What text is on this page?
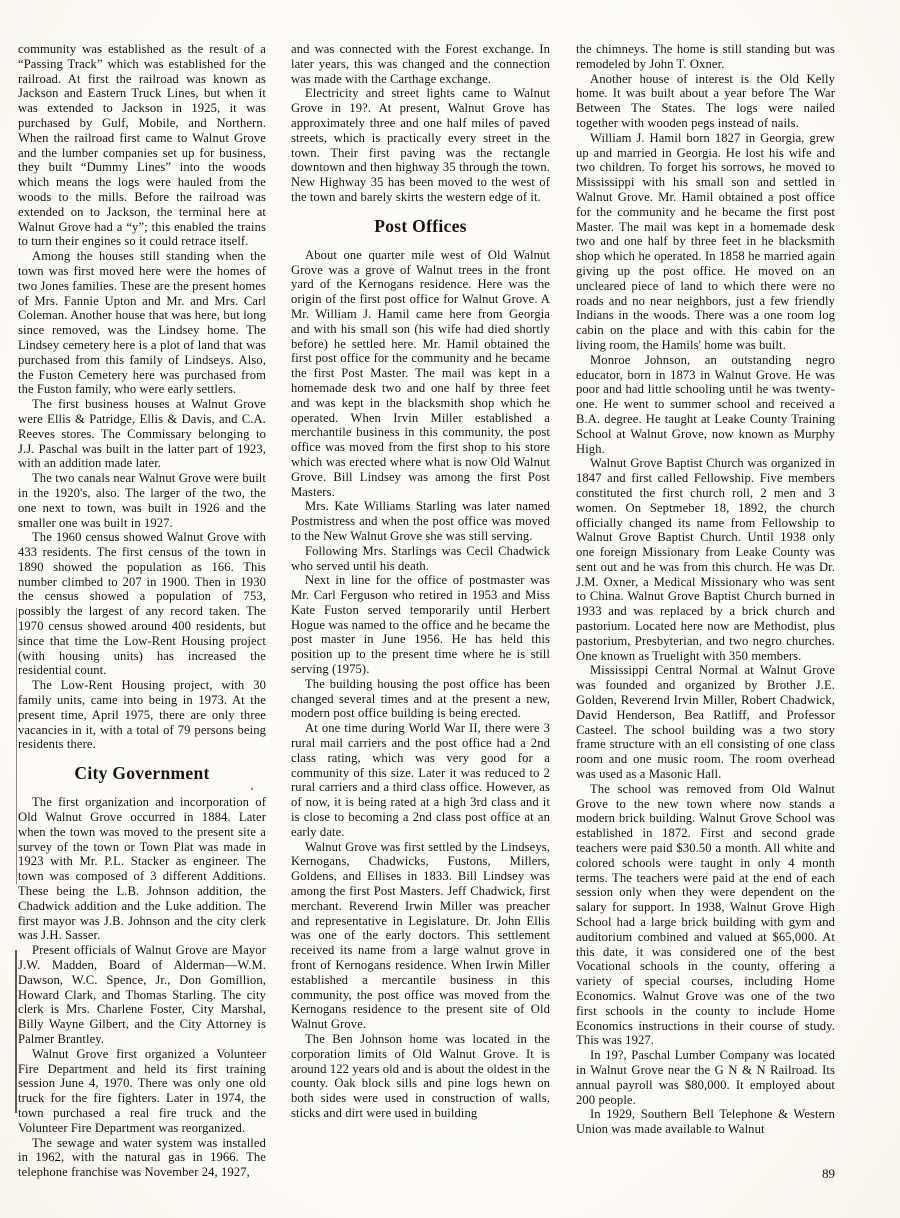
community was established as the result of a “Passing Track” which was established for the railroad. At first the railroad was known as Jackson and Eastern Truck Lines, but when it was extended to Jackson in 1925, it was purchased by Gulf, Mobile, and Northern. When the railroad first came to Walnut Grove and the lumber companies set up for business, they built “Dummy Lines” into the woods which means the logs were hauled from the woods to the mills. Before the railroad was extended on to Jackson, the terminal here at Walnut Grove had a “y”; this enabled the trains to turn their engines so it could retrace itself.

Among the houses still standing when the town was first moved here were the homes of two Jones families. These are the present homes of Mrs. Fannie Upton and Mr. and Mrs. Carl Coleman. Another house that was here, but long since removed, was the Lindsey home. The Lindsey cemetery here is a plot of land that was purchased from this family of Lindseys. Also, the Fuston Cemetery here was purchased from the Fuston family, who were early settlers.

The first business houses at Walnut Grove were Ellis & Patridge, Ellis & Davis, and C.A. Reeves stores. The Commissary belonging to J.J. Paschal was built in the latter part of 1923, with an addition made later.

The two canals near Walnut Grove were built in the 1920's, also. The larger of the two, the one next to town, was built in 1926 and the smaller one was built in 1927.

The 1960 census showed Walnut Grove with 433 residents. The first census of the town in 1890 showed the population as 166. This number climbed to 207 in 1900. Then in 1930 the census showed a population of 753, possibly the largest of any record taken. The 1970 census showed around 400 residents, but since that time the Low-Rent Housing project (with housing units) has increased the residential count.

The Low-Rent Housing project, with 30 family units, came into being in 1973. At the present time, April 1975, there are only three vacancies in it, with a total of 79 persons being residents there.

City Government

The first organization and incorporation of Old Walnut Grove occurred in 1884. Later when the town was moved to the present site a survey of the town or Town Plat was made in 1923 with Mr. P.L. Stacker as engineer. The town was composed of 3 different Additions. These being the L.B. Johnson addition, the Chadwick addition and the Luke addition. The first mayor was J.B. Johnson and the city clerk was J.H. Sasser.

Present officials of Walnut Grove are Mayor J.W. Madden, Board of Alderman—W.M. Dawson, W.C. Spence, Jr., Don Gomillion, Howard Clark, and Thomas Starling. The city clerk is Mrs. Charlene Foster, City Marshal, Billy Wayne Gilbert, and the City Attorney is Palmer Brantley.

Walnut Grove first organized a Volunteer Fire Department and held its first training session June 4, 1970. There was only one old truck for the fire fighters. Later in 1974, the town purchased a real fire truck and the Volunteer Fire Department was reorganized.

The sewage and water system was installed in 1962, with the natural gas in 1966. The telephone franchise was November 24, 1927,

and was connected with the Forest exchange. In later years, this was changed and the connection was made with the Carthage exchange.

Electricity and street lights came to Walnut Grove in 19?. At present, Walnut Grove has approximately three and one half miles of paved streets, which is practically every street in the town. Their first paving was the rectangle downtown and then highway 35 through the town. New Highway 35 has been moved to the west of the town and barely skirts the western edge of it.

Post Offices

About one quarter mile west of Old Walnut Grove was a grove of Walnut trees in the front yard of the Kernogans residence. Here was the origin of the first post office for Walnut Grove. A Mr. William J. Hamil came here from Georgia and with his small son (his wife had died shortly before) he settled here. Mr. Hamil obtained the first post office for the community and he became the first Post Master. The mail was kept in a homemade desk two and one half by three feet and was kept in the blacksmith shop which he operated. When Irvin Miller established a merchantile business in this community, the post office was moved from the first shop to his store which was erected where what is now Old Walnut Grove. Bill Lindsey was among the first Post Masters.

Mrs. Kate Williams Starling was later named Postmistress and when the post office was moved to the New Walnut Grove she was still serving.

Following Mrs. Starlings was Cecil Chadwick who served until his death.

Next in line for the office of postmaster was Mr. Carl Ferguson who retired in 1953 and Miss Kate Fuston served temporarily until Herbert Hogue was named to the office and he became the post master in June 1956. He has held this position up to the present time where he is still serving (1975).

The building housing the post office has been changed several times and at the present a new, modern post office building is being erected.

At one time during World War II, there were 3 rural mail carriers and the post office had a 2nd class rating, which was very good for a community of this size. Later it was reduced to 2 rural carriers and a third class office. However, as of now, it is being rated at a high 3rd class and it is close to becoming a 2nd class post office at an early date.

Walnut Grove was first settled by the Lindseys, Kernogans, Chadwicks, Fustons, Millers, Goldens, and Ellises in 1833. Bill Lindsey was among the first Post Masters. Jeff Chadwick, first merchant. Reverend Irwin Miller was preacher and representative in Legislature. Dr. John Ellis was one of the early doctors. This settlement received its name from a large walnut grove in front of Kernogans residence. When Irwin Miller established a mercantile business in this community, the post office was moved from the Kernogans residence to the present site of Old Walnut Grove.

The Ben Johnson home was located in the corporation limits of Old Walnut Grove. It is around 122 years old and is about the oldest in the county. Oak block sills and pine logs hewn on both sides were used in construction of walls, sticks and dirt were used in building

the chimneys. The home is still standing but was remodeled by John T. Oxner.

Another house of interest is the Old Kelly home. It was built about a year before The War Between The States. The logs were nailed together with wooden pegs instead of nails.

William J. Hamil born 1827 in Georgia, grew up and married in Georgia. He lost his wife and two children. To forget his sorrows, he moved to Mississippi with his small son and settled in Walnut Grove. Mr. Hamil obtained a post office for the community and he became the first post Master. The mail was kept in a homemade desk two and one half by three feet in he blacksmith shop which he operated. In 1858 he married again giving up the post office. He moved on an uncleared piece of land to which there were no roads and no near neighbors, just a few friendly Indians in the woods. There was a one room log cabin on the place and with this cabin for the living room, the Hamils' home was built.

Monroe Johnson, an outstanding negro educator, born in 1873 in Walnut Grove. He was poor and had little schooling until he was twenty-one. He went to summer school and received a B.A. degree. He taught at Leake County Training School at Walnut Grove, now known as Murphy High.

Walnut Grove Baptist Church was organized in 1847 and first called Fellowship. Five members constituted the first church roll, 2 men and 3 women. On Septmeber 18, 1892, the church officially changed its name from Fellowship to Walnut Grove Baptist Church. Until 1938 only one foreign Missionary from Leake County was sent out and he was from this church. He was Dr. J.M. Oxner, a Medical Missionary who was sent to China. Walnut Grove Baptist Church burned in 1933 and was replaced by a brick church and pastorium. Located here now are Methodist, plus pastorium, Presbyterian, and two negro churches. One known as Truelight with 350 members.

Mississippi Central Normal at Walnut Grove was founded and organized by Brother J.E. Golden, Reverend Irvin Miller, Robert Chadwick, David Henderson, Bea Ratliff, and Professor Casteel. The school building was a two story frame structure with an ell consisting of one class room and one music room. The room overhead was used as a Masonic Hall.

The school was removed from Old Walnut Grove to the new town where now stands a modern brick building. Walnut Grove School was established in 1872. First and second grade teachers were paid $30.50 a month. All white and colored schools were taught in only 4 month terms. The teachers were paid at the end of each session only when they were dependent on the salary for support. In 1938, Walnut Grove High School had a large brick building with gym and auditorium combined and valued at $65,000. At this date, it was considered one of the best Vocational schools in the county, offering a variety of special courses, including Home Economics. Walnut Grove was one of the two first schools in the county to include Home Economics instructions in their course of study. This was 1927.

In 19?, Paschal Lumber Company was located in Walnut Grove near the G N & N Railroad. Its annual payroll was $80,000. It employed about 200 people.

In 1929, Southern Bell Telephone & Western Union was made available to Walnut

89
,
